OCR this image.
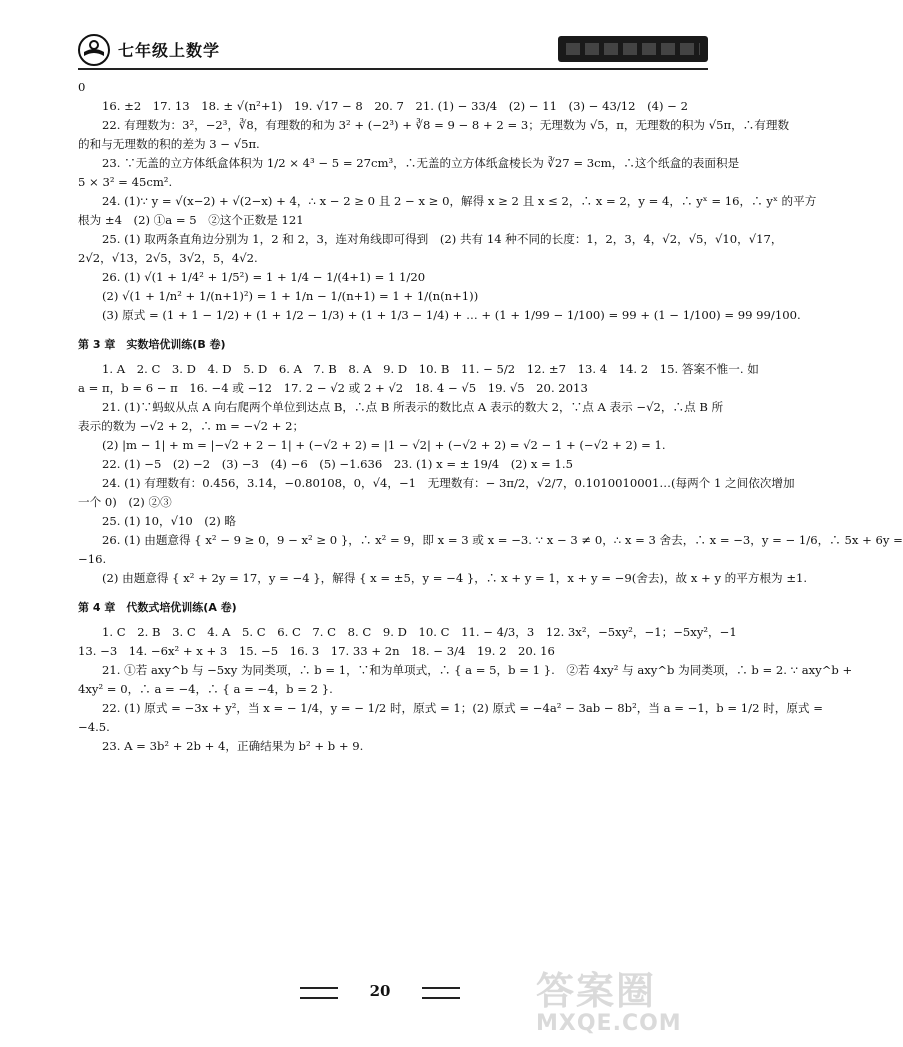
七年级上数学

0

16. ±2　17. 13　18. ± √(n²+1)　19. √17 − 8　20. 7　21. (1) − 33/4　(2) − 11　(3) − 43/12　(4) − 2

22. 有理数为：3²，−2³，∛8，有理数的和为 3² + (−2³) + ∛8 = 9 − 8 + 2 = 3；无理数为 √5，π，无理数的积为 √5π，∴有理数

的和与无理数的积的差为 3 − √5π.

23. ∵无盖的立方体纸盒体积为 1/2 × 4³ − 5 = 27cm³，∴无盖的立方体纸盒棱长为 ∛27 = 3cm，∴这个纸盒的表面积是

5 × 3² = 45cm².

24. (1)∵ y = √(x−2) + √(2−x) + 4，∴ x − 2 ≥ 0 且 2 − x ≥ 0，解得 x ≥ 2 且 x ≤ 2，∴ x = 2，y = 4，∴ yˣ = 16，∴ yˣ 的平方

根为 ±4　(2) ①a = 5　②这个正数是 121

25. (1) 取两条直角边分别为 1，2 和 2，3，连对角线即可得到　(2) 共有 14 种不同的长度：1，2，3，4，√2，√5，√10，√17，

2√2，√13，2√5，3√2，5，4√2.

26. (1) √(1 + 1/4² + 1/5²) = 1 + 1/4 − 1/(4+1) = 1 1/20

(2) √(1 + 1/n² + 1/(n+1)²) = 1 + 1/n − 1/(n+1) = 1 + 1/(n(n+1))

(3) 原式 = (1 + 1 − 1/2) + (1 + 1/2 − 1/3) + (1 + 1/3 − 1/4) + … + (1 + 1/99 − 1/100) = 99 + (1 − 1/100) = 99 99/100.

第 3 章　实数培优训练(B 卷)

1. A　2. C　3. D　4. D　5. D　6. A　7. B　8. A　9. D　10. B　11. − 5/2　12. ±7　13. 4　14. 2　15. 答案不惟一. 如

a = π，b = 6 − π　16. −4 或 −12　17. 2 − √2 或 2 + √2　18. 4 − √5　19. √5　20. 2013

21. (1)∵蚂蚁从点 A 向右爬两个单位到达点 B，∴点 B 所表示的数比点 A 表示的数大 2，∵点 A 表示 −√2，∴点 B 所

表示的数为 −√2 + 2，∴ m = −√2 + 2；

(2) |m − 1| + m = |−√2 + 2 − 1| + (−√2 + 2) = |1 − √2| + (−√2 + 2) = √2 − 1 + (−√2 + 2) = 1.

22. (1) −5　(2) −2　(3) −3　(4) −6　(5) −1.636　23. (1) x = ± 19/4　(2) x = 1.5

24. (1) 有理数有：0.456，3.14，−0.80108，0，√4，−1　无理数有：− 3π/2，√2/7，0.1010010001…(每两个 1 之间依次增加

一个 0)　(2) ②③

25. (1) 10，√10　(2) 略

26. (1) 由题意得 { x² − 9 ≥ 0，9 − x² ≥ 0 }，∴ x² = 9，即 x = 3 或 x = −3. ∵ x − 3 ≠ 0，∴ x = 3 舍去，∴ x = −3，y = − 1/6，∴ 5x + 6y =

−16.

(2) 由题意得 { x² + 2y = 17，y = −4 }，解得 { x = ±5，y = −4 }，∴ x + y = 1，x + y = −9(舍去)，故 x + y 的平方根为 ±1.

第 4 章　代数式培优训练(A 卷)

1. C　2. B　3. C　4. A　5. C　6. C　7. C　8. C　9. D　10. C　11. − 4/3，3　12. 3x²，−5xy²，−1；−5xy²，−1

13. −3　14. −6x² + x + 3　15. −5　16. 3　17. 33 + 2n　18. − 3/4　19. 2　20. 16

21. ①若 axy^b 与 −5xy 为同类项，∴ b = 1，∵和为单项式，∴ { a = 5，b = 1 }.　②若 4xy² 与 axy^b 为同类项，∴ b = 2. ∵ axy^b +

4xy² = 0，∴ a = −4，∴ { a = −4，b = 2 }.

22. (1) 原式 = −3x + y²，当 x = − 1/4，y = − 1/2 时，原式 = 1；(2) 原式 = −4a² − 3ab − 8b²，当 a = −1，b = 1/2 时，原式 =

−4.5.

23. A = 3b² + 2b + 4，正确结果为 b² + b + 9.

20	答案圈
MXQE.COM
